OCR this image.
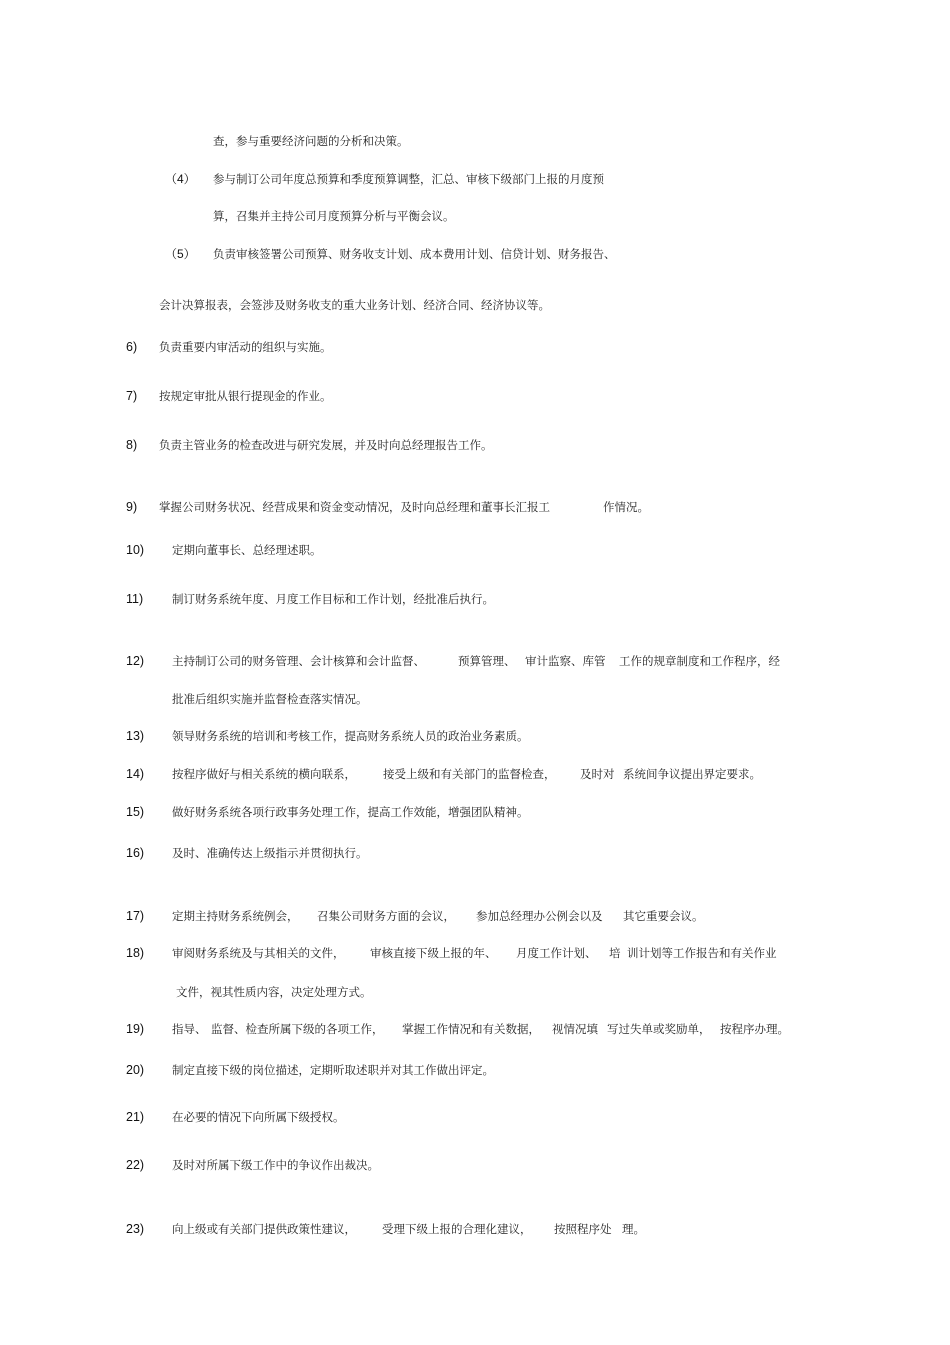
查，参与重要经济问题的分析和决策。
（4） 参与制订公司年度总预算和季度预算调整，汇总、审核下级部门上报的月度预
算，召集并主持公司月度预算分析与平衡会议。
（5） 负责审核签署公司预算、财务收支计划、成本费用计划、信贷计划、财务报告、
会计决算报表，会签涉及财务收支的重大业务计划、经济合同、经济协议等。
6) 负责重要内审活动的组织与实施。
7) 按规定审批从银行提现金的作业。
8) 负责主管业务的检查改进与研究发展，并及时向总经理报告工作。
9) 掌握公司财务状况、经营成果和资金变动情况，及时向总经理和董事长汇报工	作情况。
10) 定期向董事长、总经理述职。
11)	制订财务系统年度、月度工作目标和工作计划，经批准后执行。
12) 主持制订公司的财务管理、会计核算和会计监督、	预算管理、 审计监察、库管 工作的规章制度和工作程序，经
批准后组织实施并监督检查落实情况。
13) 领导财务系统的培训和考核工作，提高财务系统人员的政治业务素质。
14) 按程序做好与相关系统的横向联系， 接受上级和有关部门的监督检查， 及时对 系统间争议提出界定要求。
15) 做好财务系统各项行政事务处理工作，提高工作效能，增强团队精神。
16) 及时、准确传达上级指示并贯彻执行。
17) 定期主持财务系统例会， 召集公司财务方面的会议， 参加总经理办公例会以及 其它重要会议。
18) 审阅财务系统及与其相关的文件， 审核直接下级上报的年、 月度工作计划、 培 训计划等工作报告和有关作业
文件，视其性质内容，决定处理方式。
19) 指导、 监督、检查所属下级的各项工作， 掌握工作情况和有关数据， 视情况填 写过失单或奖励单， 按程序办理。
20) 制定直接下级的岗位描述，定期听取述职并对其工作做出评定。
21) 在必要的情况下向所属下级授权。
22) 及时对所属下级工作中的争议作出裁决。
23) 向上级或有关部门提供政策性建议， 受理下级上报的合理化建议， 按照程序处 理。
